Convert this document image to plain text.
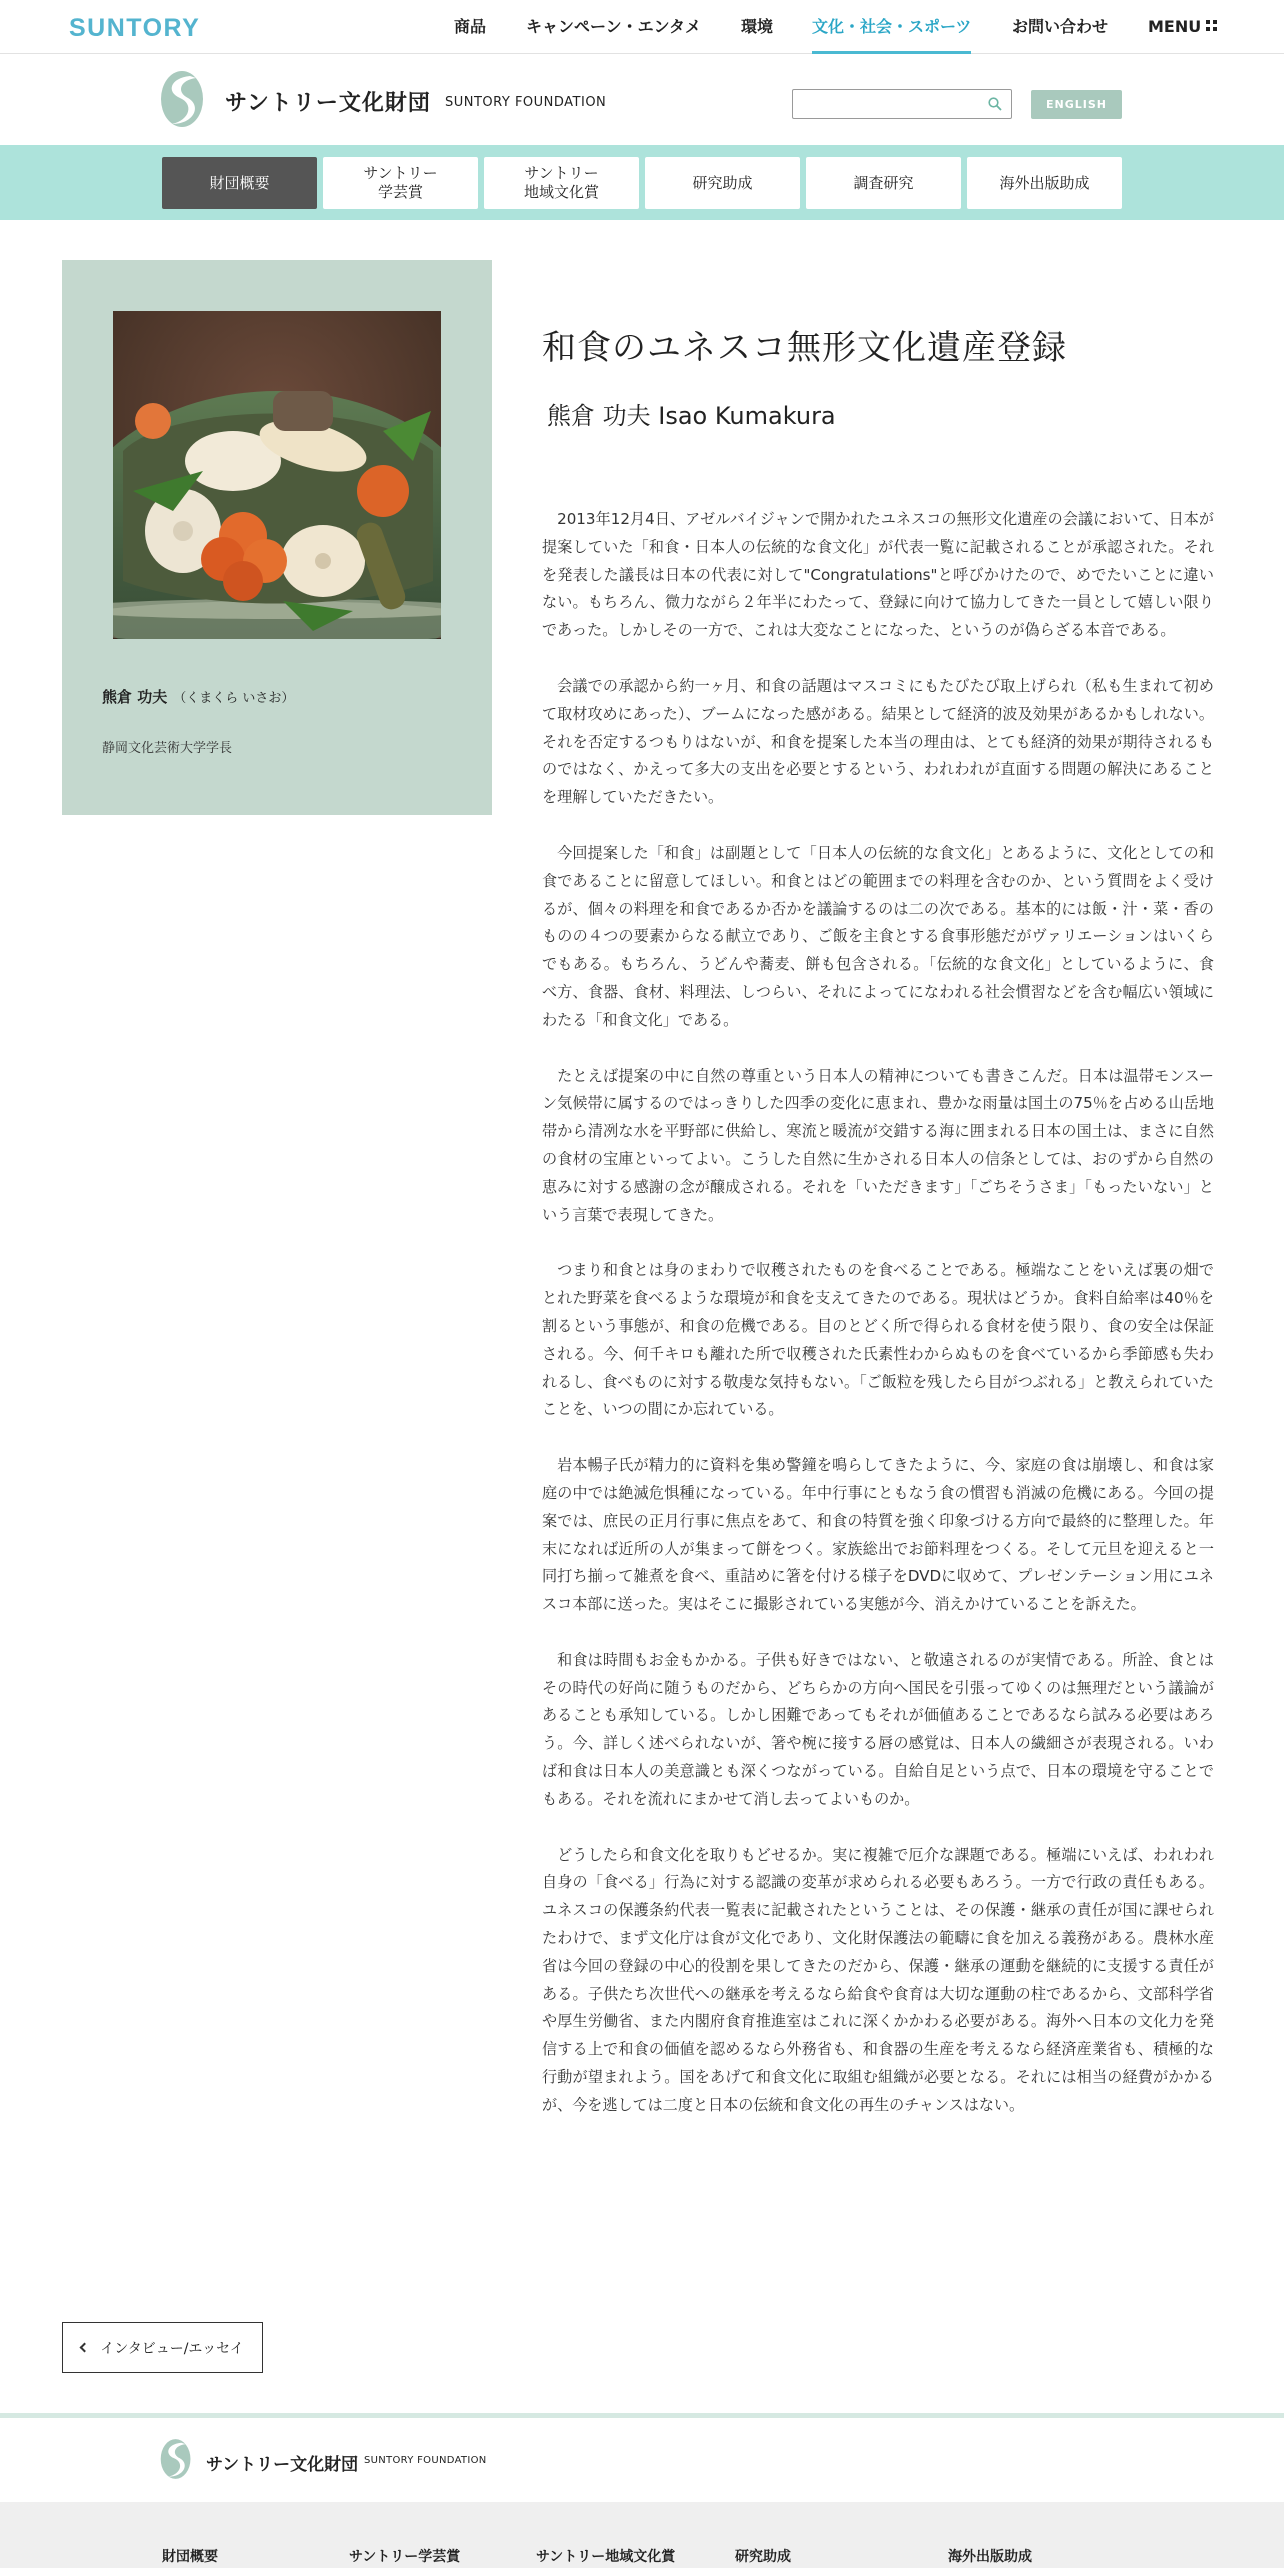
SUNTORY	商品 キャンペーン・エンタメ 環境 文化・社会・スポーツ	お問い合わせ MENU
サントリー文化財団 SUNTORY FOUNDATION	ENGLISH
財団概要
サントリー
学芸賞
サントリー
地域文化賞
研究助成	調査研究	海外出版助成
熊倉 功夫 （くまくら いさお）
静岡文化芸術大学学長
和食のユネスコ無形文化遺産登録
熊倉 功夫 Isao Kumakura

2013年12月4日、アゼルバイジャンで開かれたユネスコの無形文化遺産の会議において、日本が提案していた「和食・日本人の伝統的な食文化」が代表一覧に記載されることが承認された。それを発表した議長は日本の代表に対して"Congratulations"と呼びかけたので、めでたいことに違いない。もちろん、微力ながら２年半にわたって、登録に向けて協力してきた一員として嬉しい限りであった。しかしその一方で、これは大変なことになった、というのが偽らざる本音である。

会議での承認から約一ヶ月、和食の話題はマスコミにもたびたび取上げられ（私も生まれて初めて取材攻めにあった）、ブームになった感がある。結果として経済的波及効果があるかもしれない。それを否定するつもりはないが、和食を提案した本当の理由は、とても経済的効果が期待されるものではなく、かえって多大の支出を必要とするという、われわれが直面する問題の解決にあることを理解していただきたい。

今回提案した「和食」は副題として「日本人の伝統的な食文化」とあるように、文化としての和食であることに留意してほしい。和食とはどの範囲までの料理を含むのか、という質問をよく受けるが、個々の料理を和食であるか否かを議論するのは二の次である。基本的には飯・汁・菜・香のものの４つの要素からなる献立であり、ご飯を主食とする食事形態だがヴァリエーションはいくらでもある。もちろん、うどんや蕎麦、餅も包含される。「伝統的な食文化」としているように、食べ方、食器、食材、料理法、しつらい、それによってになわれる社会慣習などを含む幅広い領域にわたる「和食文化」である。

たとえば提案の中に自然の尊重という日本人の精神についても書きこんだ。日本は温帯モンスーン気候帯に属するのではっきりした四季の変化に恵まれ、豊かな雨量は国土の75％を占める山岳地帯から清冽な水を平野部に供給し、寒流と暖流が交錯する海に囲まれる日本の国土は、まさに自然の食材の宝庫といってよい。こうした自然に生かされる日本人の信条としては、おのずから自然の恵みに対する感謝の念が醸成される。それを「いただきます」「ごちそうさま」「もったいない」という言葉で表現してきた。

つまり和食とは身のまわりで収穫されたものを食べることである。極端なことをいえば裏の畑でとれた野菜を食べるような環境が和食を支えてきたのである。現状はどうか。食料自給率は40％を割るという事態が、和食の危機である。目のとどく所で得られる食材を使う限り、食の安全は保証される。今、何千キロも離れた所で収穫された氏素性わからぬものを食べているから季節感も失われるし、食べものに対する敬虔な気持もない。「ご飯粒を残したら目がつぶれる」と教えられていたことを、いつの間にか忘れている。

岩本暢子氏が精力的に資料を集め警鐘を鳴らしてきたように、今、家庭の食は崩壊し、和食は家庭の中では絶滅危惧種になっている。年中行事にともなう食の慣習も消滅の危機にある。今回の提案では、庶民の正月行事に焦点をあて、和食の特質を強く印象づける方向で最終的に整理した。年末になれば近所の人が集まって餅をつく。家族総出でお節料理をつくる。そして元旦を迎えると一同打ち揃って雑煮を食べ、重詰めに箸を付ける様子をDVDに収めて、プレゼンテーション用にユネスコ本部に送った。実はそこに撮影されている実態が今、消えかけていることを訴えた。

和食は時間もお金もかかる。子供も好きではない、と敬遠されるのが実情である。所詮、食とはその時代の好尚に随うものだから、どちらかの方向へ国民を引張ってゆくのは無理だという議論があることも承知している。しかし困難であってもそれが価値あることであるなら試みる必要はあろう。今、詳しく述べられないが、箸や椀に接する唇の感覚は、日本人の繊細さが表現される。いわば和食は日本人の美意識とも深くつながっている。自給自足という点で、日本の環境を守ることでもある。それを流れにまかせて消し去ってよいものか。

どうしたら和食文化を取りもどせるか。実に複雑で厄介な課題である。極端にいえば、われわれ自身の「食べる」行為に対する認識の変革が求められる必要もあろう。一方で行政の責任もある。ユネスコの保護条約代表一覧表に記載されたということは、その保護・継承の責任が国に課せられたわけで、まず文化庁は食が文化であり、文化財保護法の範疇に食を加える義務がある。農林水産省は今回の登録の中心的役割を果してきたのだから、保護・継承の運動を継続的に支援する責任がある。子供たち次世代への継承を考えるなら給食や食育は大切な運動の柱であるから、文部科学省や厚生労働省、また内閣府食育推進室はこれに深くかかわる必要がある。海外へ日本の文化力を発信する上で和食の価値を認めるなら外務省も、和食器の生産を考えるなら経済産業省も、積極的な行動が望まれよう。国をあげて和食文化に取組む組織が必要となる。それには相当の経費がかかるが、今を逃しては二度と日本の伝統和食文化の再生のチャンスはない。

インタビュー/エッセイ
サントリー文化財団 SUNTORY FOUNDATION
財団概要	サントリー学芸賞	サントリー地域文化賞	研究助成	海外出版助成
